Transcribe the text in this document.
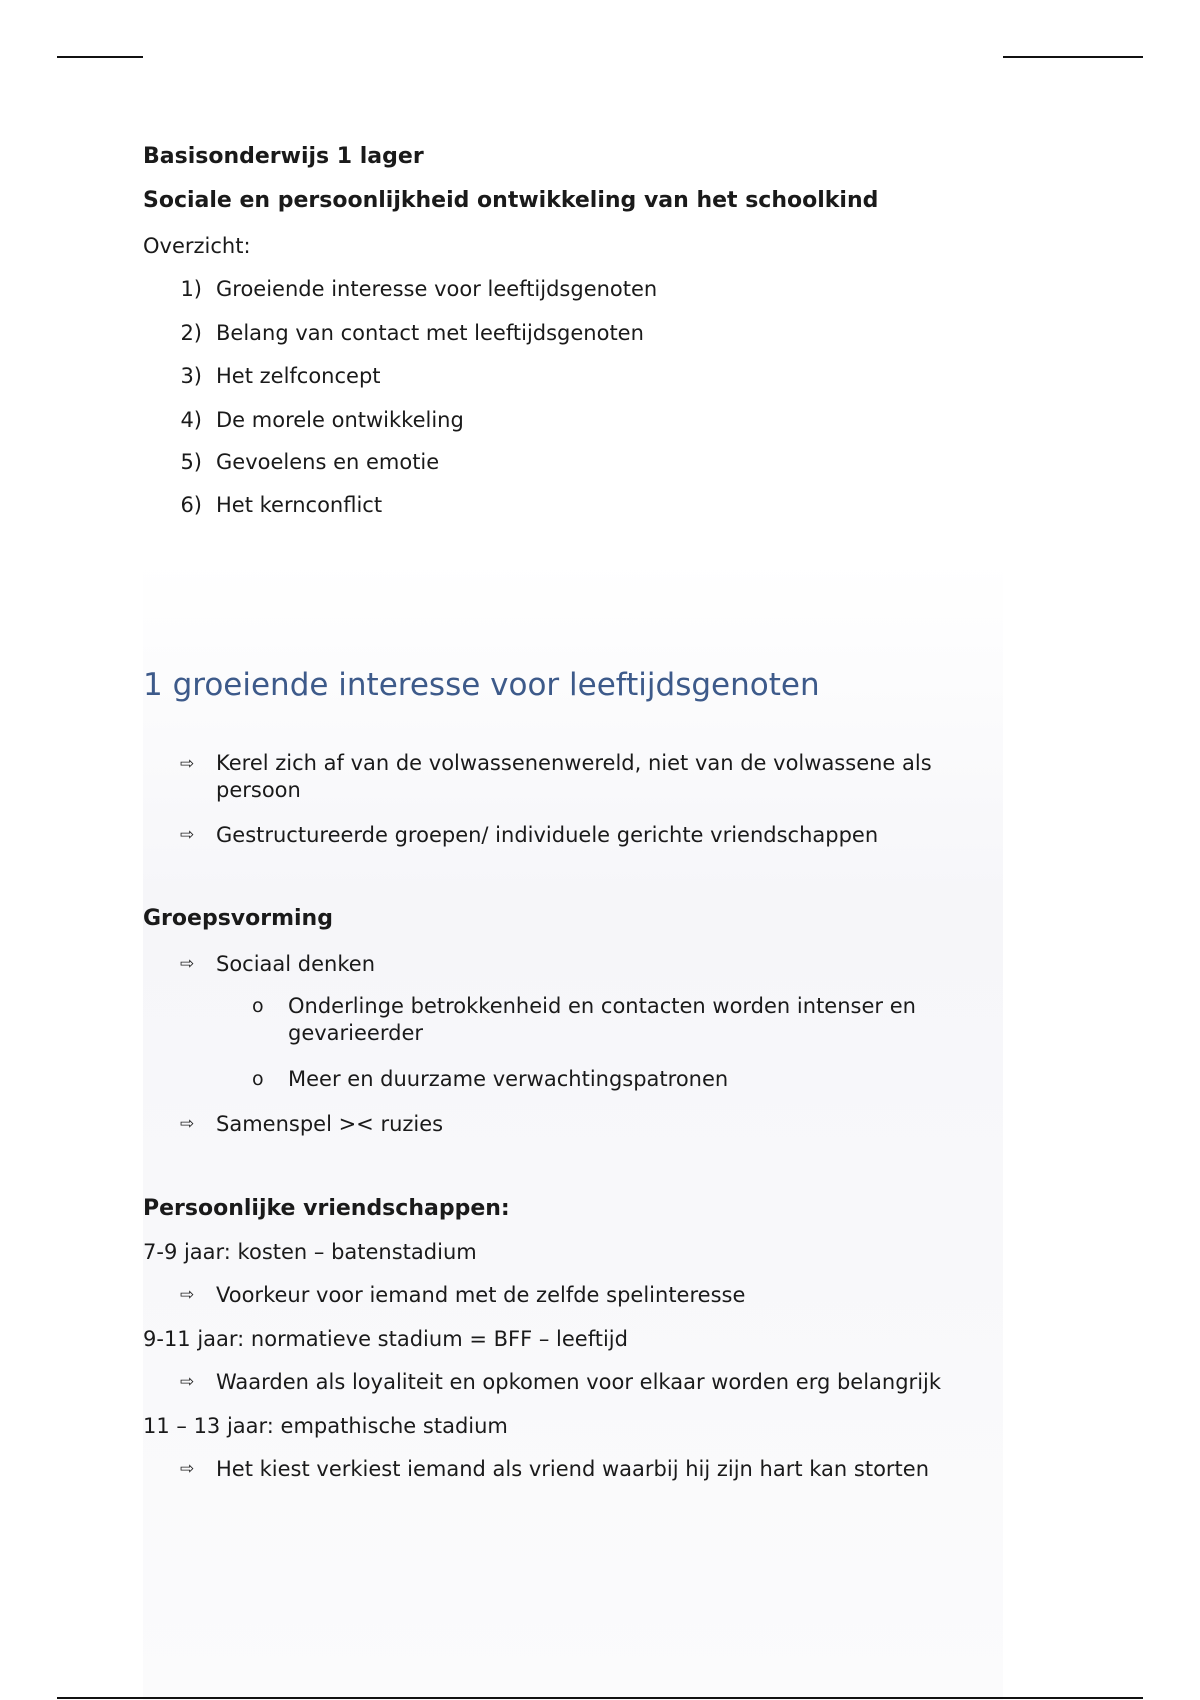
Basisonderwijs 1 lager
Sociale en persoonlijkheid ontwikkeling van het schoolkind
Overzicht:
1) Groeiende interesse voor leeftijdsgenoten
2) Belang van contact met leeftijdsgenoten
3) Het zelfconcept
4) De morele ontwikkeling
5) Gevoelens en emotie
6) Het kernconflict
1 groeiende interesse voor leeftijdsgenoten
⇨ Kerel zich af van de volwassenenwereld, niet van de volwassene als persoon
⇨ Gestructureerde groepen/ individuele gerichte vriendschappen
Groepsvorming
⇨ Sociaal denken
o Onderlinge betrokkenheid en contacten worden intenser en gevarieerder
o Meer en duurzame verwachtingspatronen
⇨ Samenspel >< ruzies
Persoonlijke vriendschappen:
7-9 jaar: kosten – batenstadium
⇨ Voorkeur voor iemand met de zelfde spelinteresse
9-11 jaar: normatieve stadium = BFF – leeftijd
⇨ Waarden als loyaliteit en opkomen voor elkaar worden erg belangrijk
11 – 13 jaar: empathische stadium
⇨ Het kiest verkiest iemand als vriend waarbij hij zijn hart kan storten
